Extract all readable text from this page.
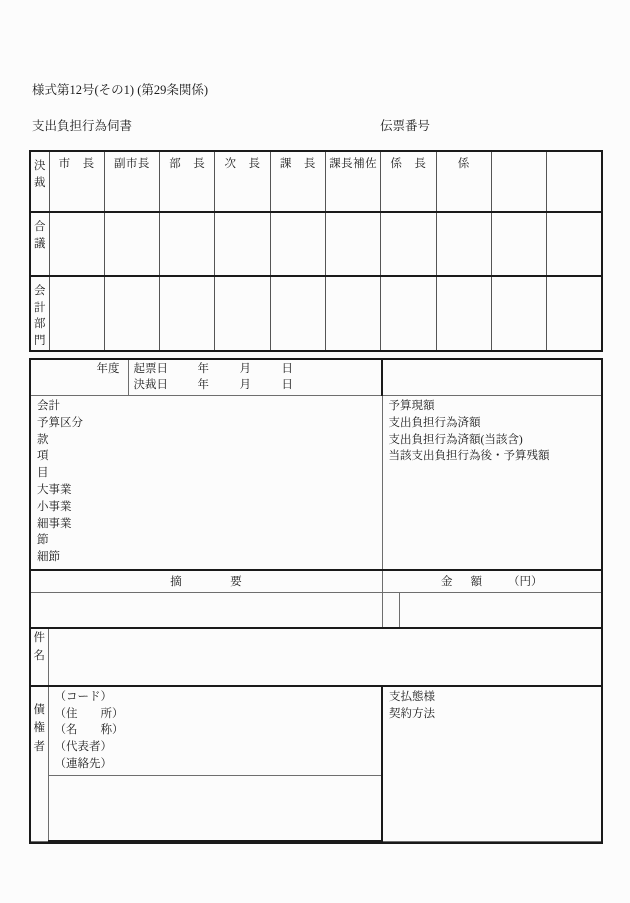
様式第12号(その1) (第29条関係)
支出負担行為伺書	伝票番号
決
裁	市　長	副市長	部　長	次　長	課　長	課長補佐	係　長	係		

合
議										

会
計
部
門										

年度		起票日 年 月 日
決裁日 年 月 日	

会計
予算区分
款
項
目
大事業
小事業
細事業
節
細節

予算現額
支出負担行為済額
支出負担行為済額(当該含)
当該支出負担行為後・予算残額

摘　　　　要			金 額 （円）

件
名			

債
権
者

（コード）
（住　　所）
（名　　称）
（代表者）
（連絡先）

支払態様
契約方法
